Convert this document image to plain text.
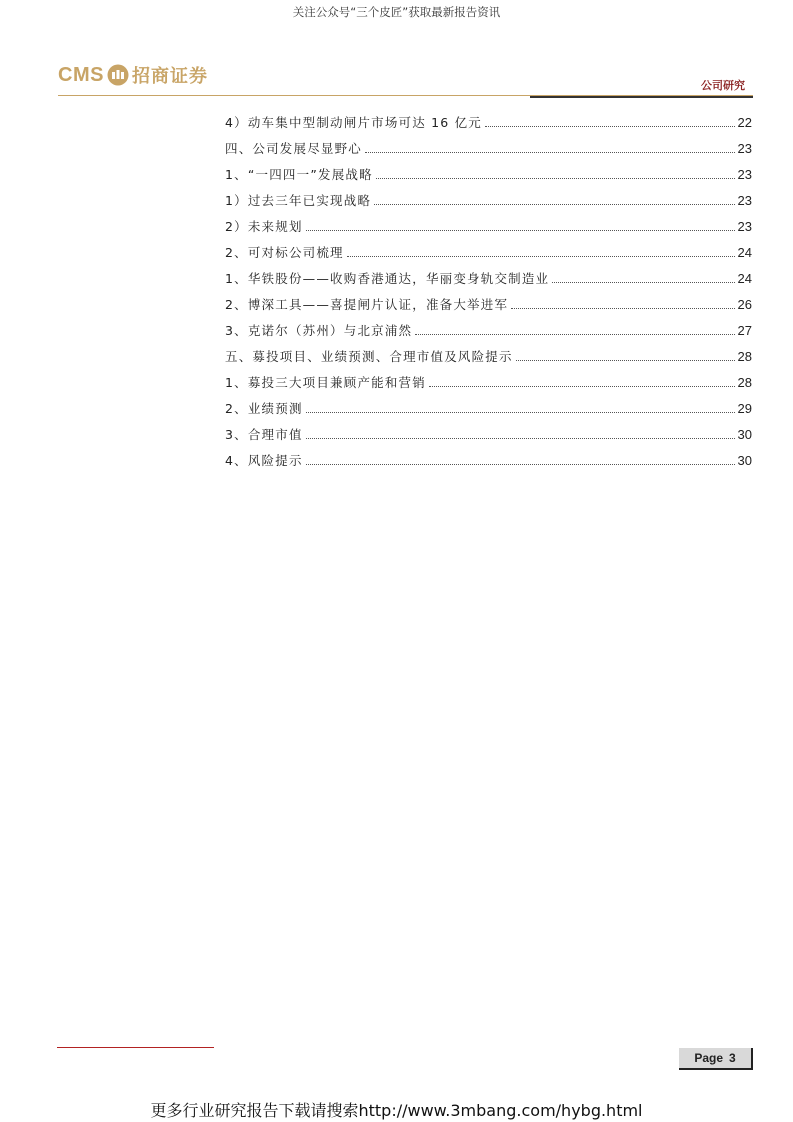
关注公众号“三个皮匠”获取最新报告资讯
CMS 招商证券	公司研究
4）动车集中型制动闸片市场可达 16 亿元	22
四、公司发展尽显野心	23
1、“一四四一”发展战略	23
1）过去三年已实现战略	23
2）未来规划	23
2、可对标公司梳理	24
1、华铁股份——收购香港通达，华丽变身轨交制造业	24
2、博深工具——喜提闸片认证，准备大举进军	26
3、克诺尔（苏州）与北京浦然	27
五、募投项目、业绩预测、合理市值及风险提示	28
1、募投三大项目兼顾产能和营销	28
2、业绩预测	29
3、合理市值	30
4、风险提示	30
Page 3
更多行业研究报告下载请搜索http://www.3mbang.com/hybg.html
